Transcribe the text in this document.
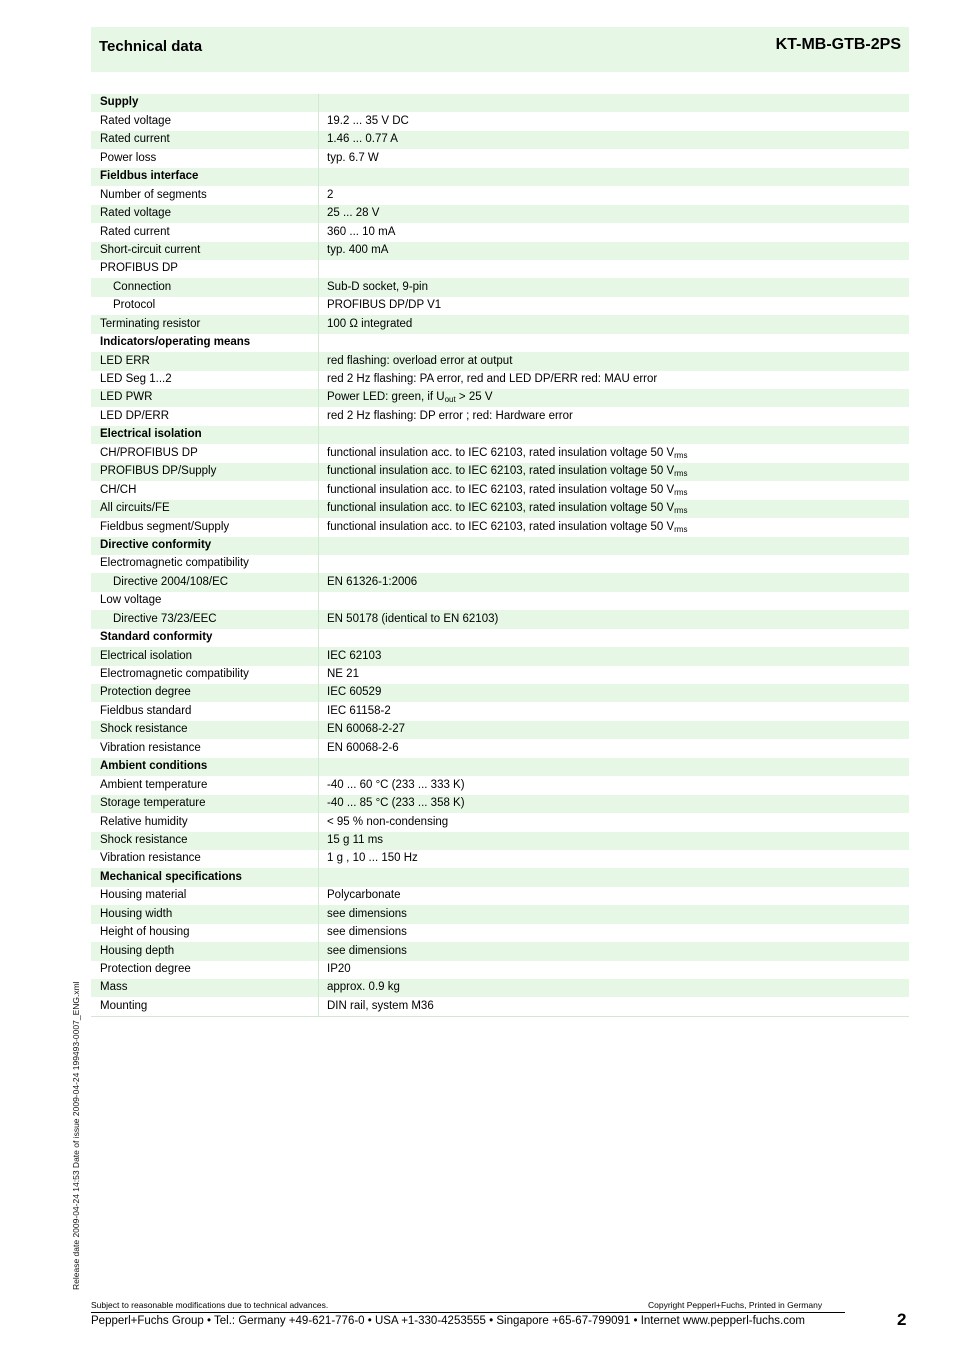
Technical data	KT-MB-GTB-2PS
Supply	
Rated voltage	19.2 ... 35 V DC
Rated current	1.46 ... 0.77 A
Power loss	typ. 6.7 W
Fieldbus interface	
Number of segments	2
Rated voltage	25 ... 28 V
Rated current	360 ... 10 mA
Short-circuit current	typ. 400 mA
PROFIBUS DP	
Connection	Sub-D socket, 9-pin
Protocol	PROFIBUS DP/DP V1
Terminating resistor	100 Ω integrated
Indicators/operating means	
LED ERR	red flashing: overload error at output
LED Seg 1...2	red 2 Hz flashing: PA error, red and LED DP/ERR red: MAU error
LED PWR	Power LED: green, if $U_{out} > 25$ V
LED DP/ERR	red 2 Hz flashing: DP error ; red: Hardware error
Electrical isolation	
CH/PROFIBUS DP	functional insulation acc. to IEC 62103, rated insulation voltage 50 $V_{rms}$
PROFIBUS DP/Supply	functional insulation acc. to IEC 62103, rated insulation voltage 50 $V_{rms}$
CH/CH	functional insulation acc. to IEC 62103, rated insulation voltage 50 $V_{rms}$
All circuits/FE	functional insulation acc. to IEC 62103, rated insulation voltage 50 $V_{rms}$
Fieldbus segment/Supply	functional insulation acc. to IEC 62103, rated insulation voltage 50 $V_{rms}$
Directive conformity	
Electromagnetic compatibility	
Directive 2004/108/EC	EN 61326-1:2006
Low voltage	
Directive 73/23/EEC	EN 50178 (identical to EN 62103)
Standard conformity	
Electrical isolation	IEC 62103
Electromagnetic compatibility	NE 21
Protection degree	IEC 60529
Fieldbus standard	IEC 61158-2
Shock resistance	EN 60068-2-27
Vibration resistance	EN 60068-2-6
Ambient conditions	
Ambient temperature	-40 ... 60 °C (233 ... 333 K)
Storage temperature	-40 ... 85 °C (233 ... 358 K)
Relative humidity	< 95 % non-condensing
Shock resistance	15 g 11 ms
Vibration resistance	1 g , 10 ... 150 Hz
Mechanical specifications	
Housing material	Polycarbonate
Housing width	see dimensions
Height of housing	see dimensions
Housing depth	see dimensions
Protection degree	IP20
Mass	approx. 0.9 kg
Mounting	DIN rail, system M36
Release date 2009-04-24 14:53 Date of issue 2009-04-24 199493-0007_ENG.xml
Subject to reasonable modifications due to technical advances.	Copyright Pepperl+Fuchs, Printed in Germany
Pepperl+Fuchs Group • Tel.: Germany +49-621-776-0 • USA +1-330-4253555 • Singapore +65-67-799091 • Internet www.pepperl-fuchs.com	2
